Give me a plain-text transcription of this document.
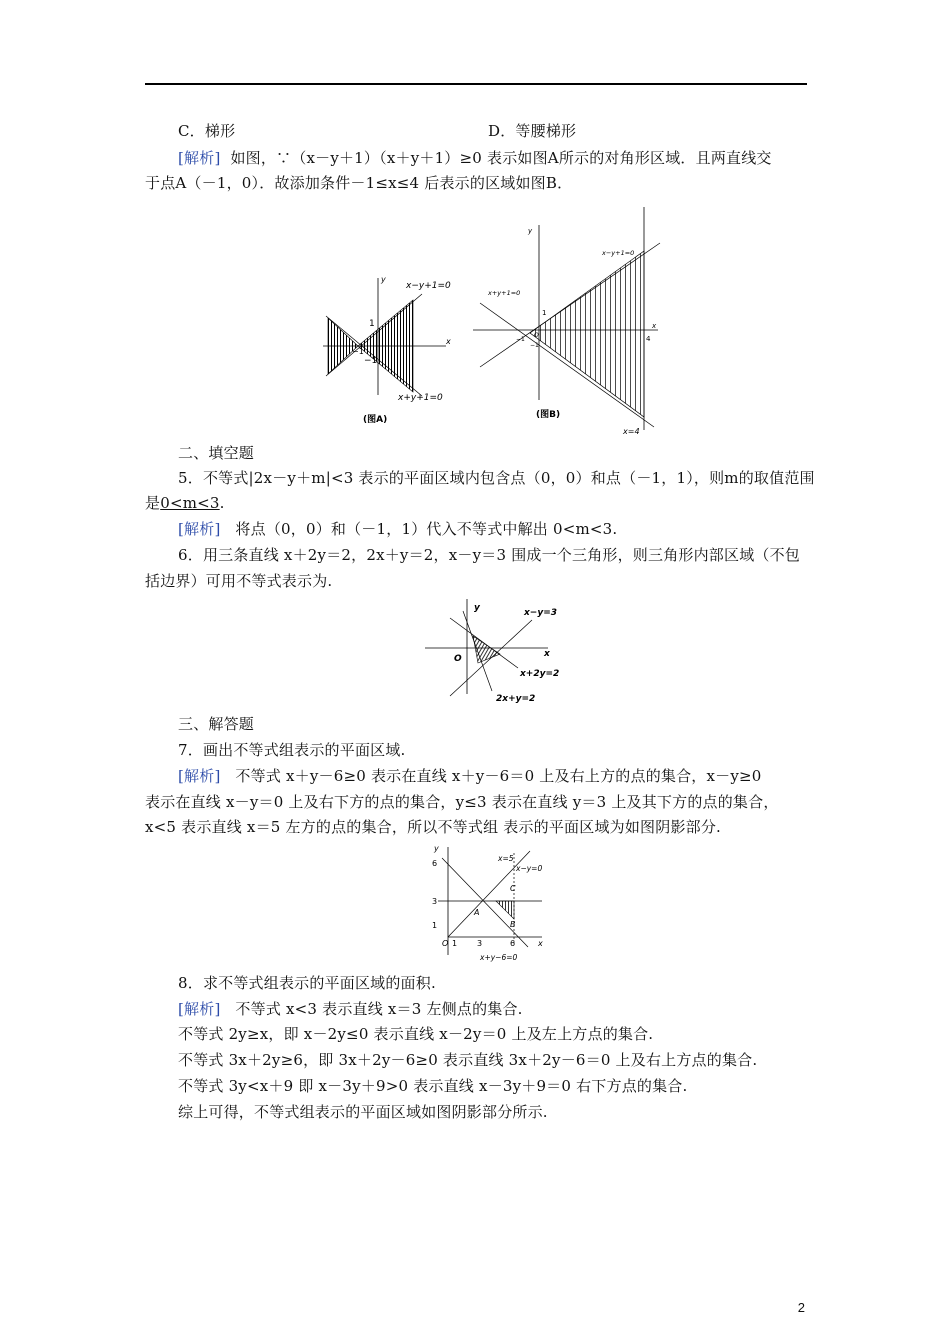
C．梯形	D．等腰梯形
[解析] 如图，∵（x－y＋1）（x＋y＋1）≥0 表示如图A所示的对角形区域．且两直线交
于点A（－1，0）．故添加条件－1≤x≤4 后表示的区域如图B．
y
x
1
−1
−1
x−y+1=0
x+y+1=0
(图A)
y
x
x−y+1=0
x+y+1=0
x=4
1
−1
−1
O	4
(图B)
二、填空题
5．不等式|2x－y＋m|<3 表示的平面区域内包含点（0，0）和点（－1，1），则m的取值范围
是0<m<3.
[解析] 将点（0，0）和（－1，1）代入不等式中解出 0<m<3.
6．用三条直线 x＋2y＝2，2x＋y＝2，x－y＝3 围成一个三角形，则三角形内部区域（不包
括边界）可用不等式表示为.
y
x
O
x−y=3
x+2y=2
2x+y=2
三、解答题
7．画出不等式组表示的平面区域.
[解析] 不等式 x＋y－6≥0 表示在直线 x＋y－6＝0 上及右上方的点的集合，x－y≥0
表示在直线 x－y＝0 上及右下方的点的集合，y≤3 表示在直线 y＝3 上及其下方的点的集合，
x<5 表示直线 x＝5 左方的点的集合，所以不等式组 表示的平面区域为如图阴影部分.
y
x
O
6
3
1
1 3	6
x=5
x−y=0
x+y−6=0
A
B
C
8．求不等式组表示的平面区域的面积.
[解析] 不等式 x<3 表示直线 x＝3 左侧点的集合.
不等式 2y≥x，即 x－2y≤0 表示直线 x－2y＝0 上及左上方点的集合.
不等式 3x＋2y≥6，即 3x＋2y－6≥0 表示直线 3x＋2y－6＝0 上及右上方点的集合.
不等式 3y<x＋9 即 x－3y＋9>0 表示直线 x－3y＋9＝0 右下方点的集合.
综上可得，不等式组表示的平面区域如图阴影部分所示.
2
